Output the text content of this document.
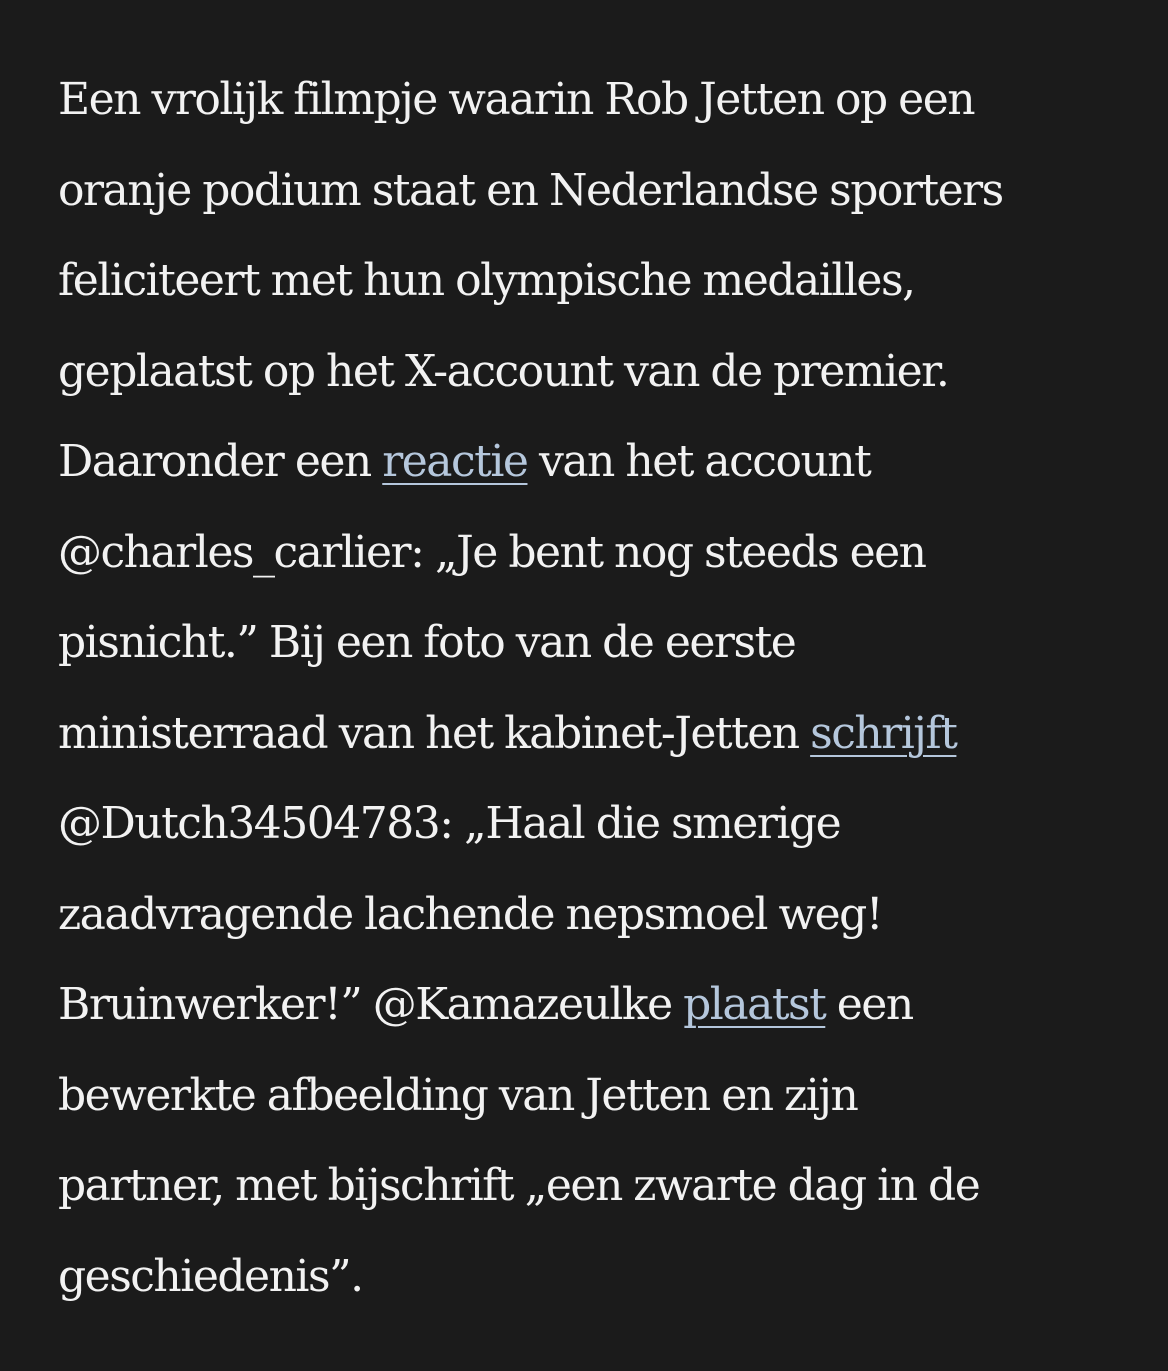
Een vrolijk filmpje waarin Rob Jetten op een
oranje podium staat en Nederlandse sporters
feliciteert met hun olympische medailles,
geplaatst op het X-account van de premier.
Daaronder een reactie van het account
@charles_carlier: „Je bent nog steeds een
pisnicht.” Bij een foto van de eerste
ministerraad van het kabinet-Jetten schrijft
@Dutch34504783: „Haal die smerige
zaadvragende lachende nepsmoel weg!
Bruinwerker!” @Kamazeulke plaatst een
bewerkte afbeelding van Jetten en zijn
partner, met bijschrift „een zwarte dag in de
geschiedenis”.
